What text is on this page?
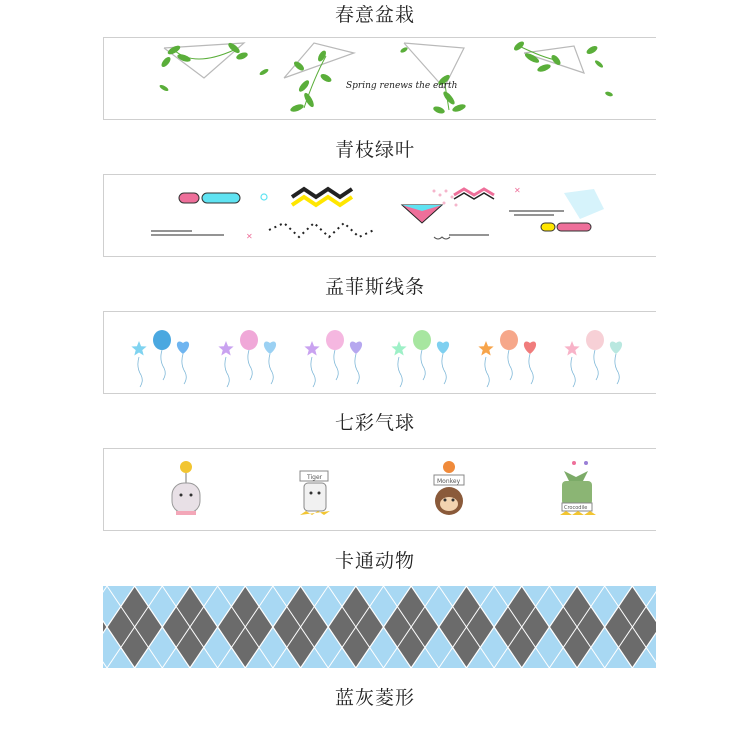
春意盆栽
青枝绿叶
孟菲斯线条
七彩气球
卡通动物
蓝灰菱形
Spring renews the earth
✕
✕
Tiger
Monkey
Crocodile
